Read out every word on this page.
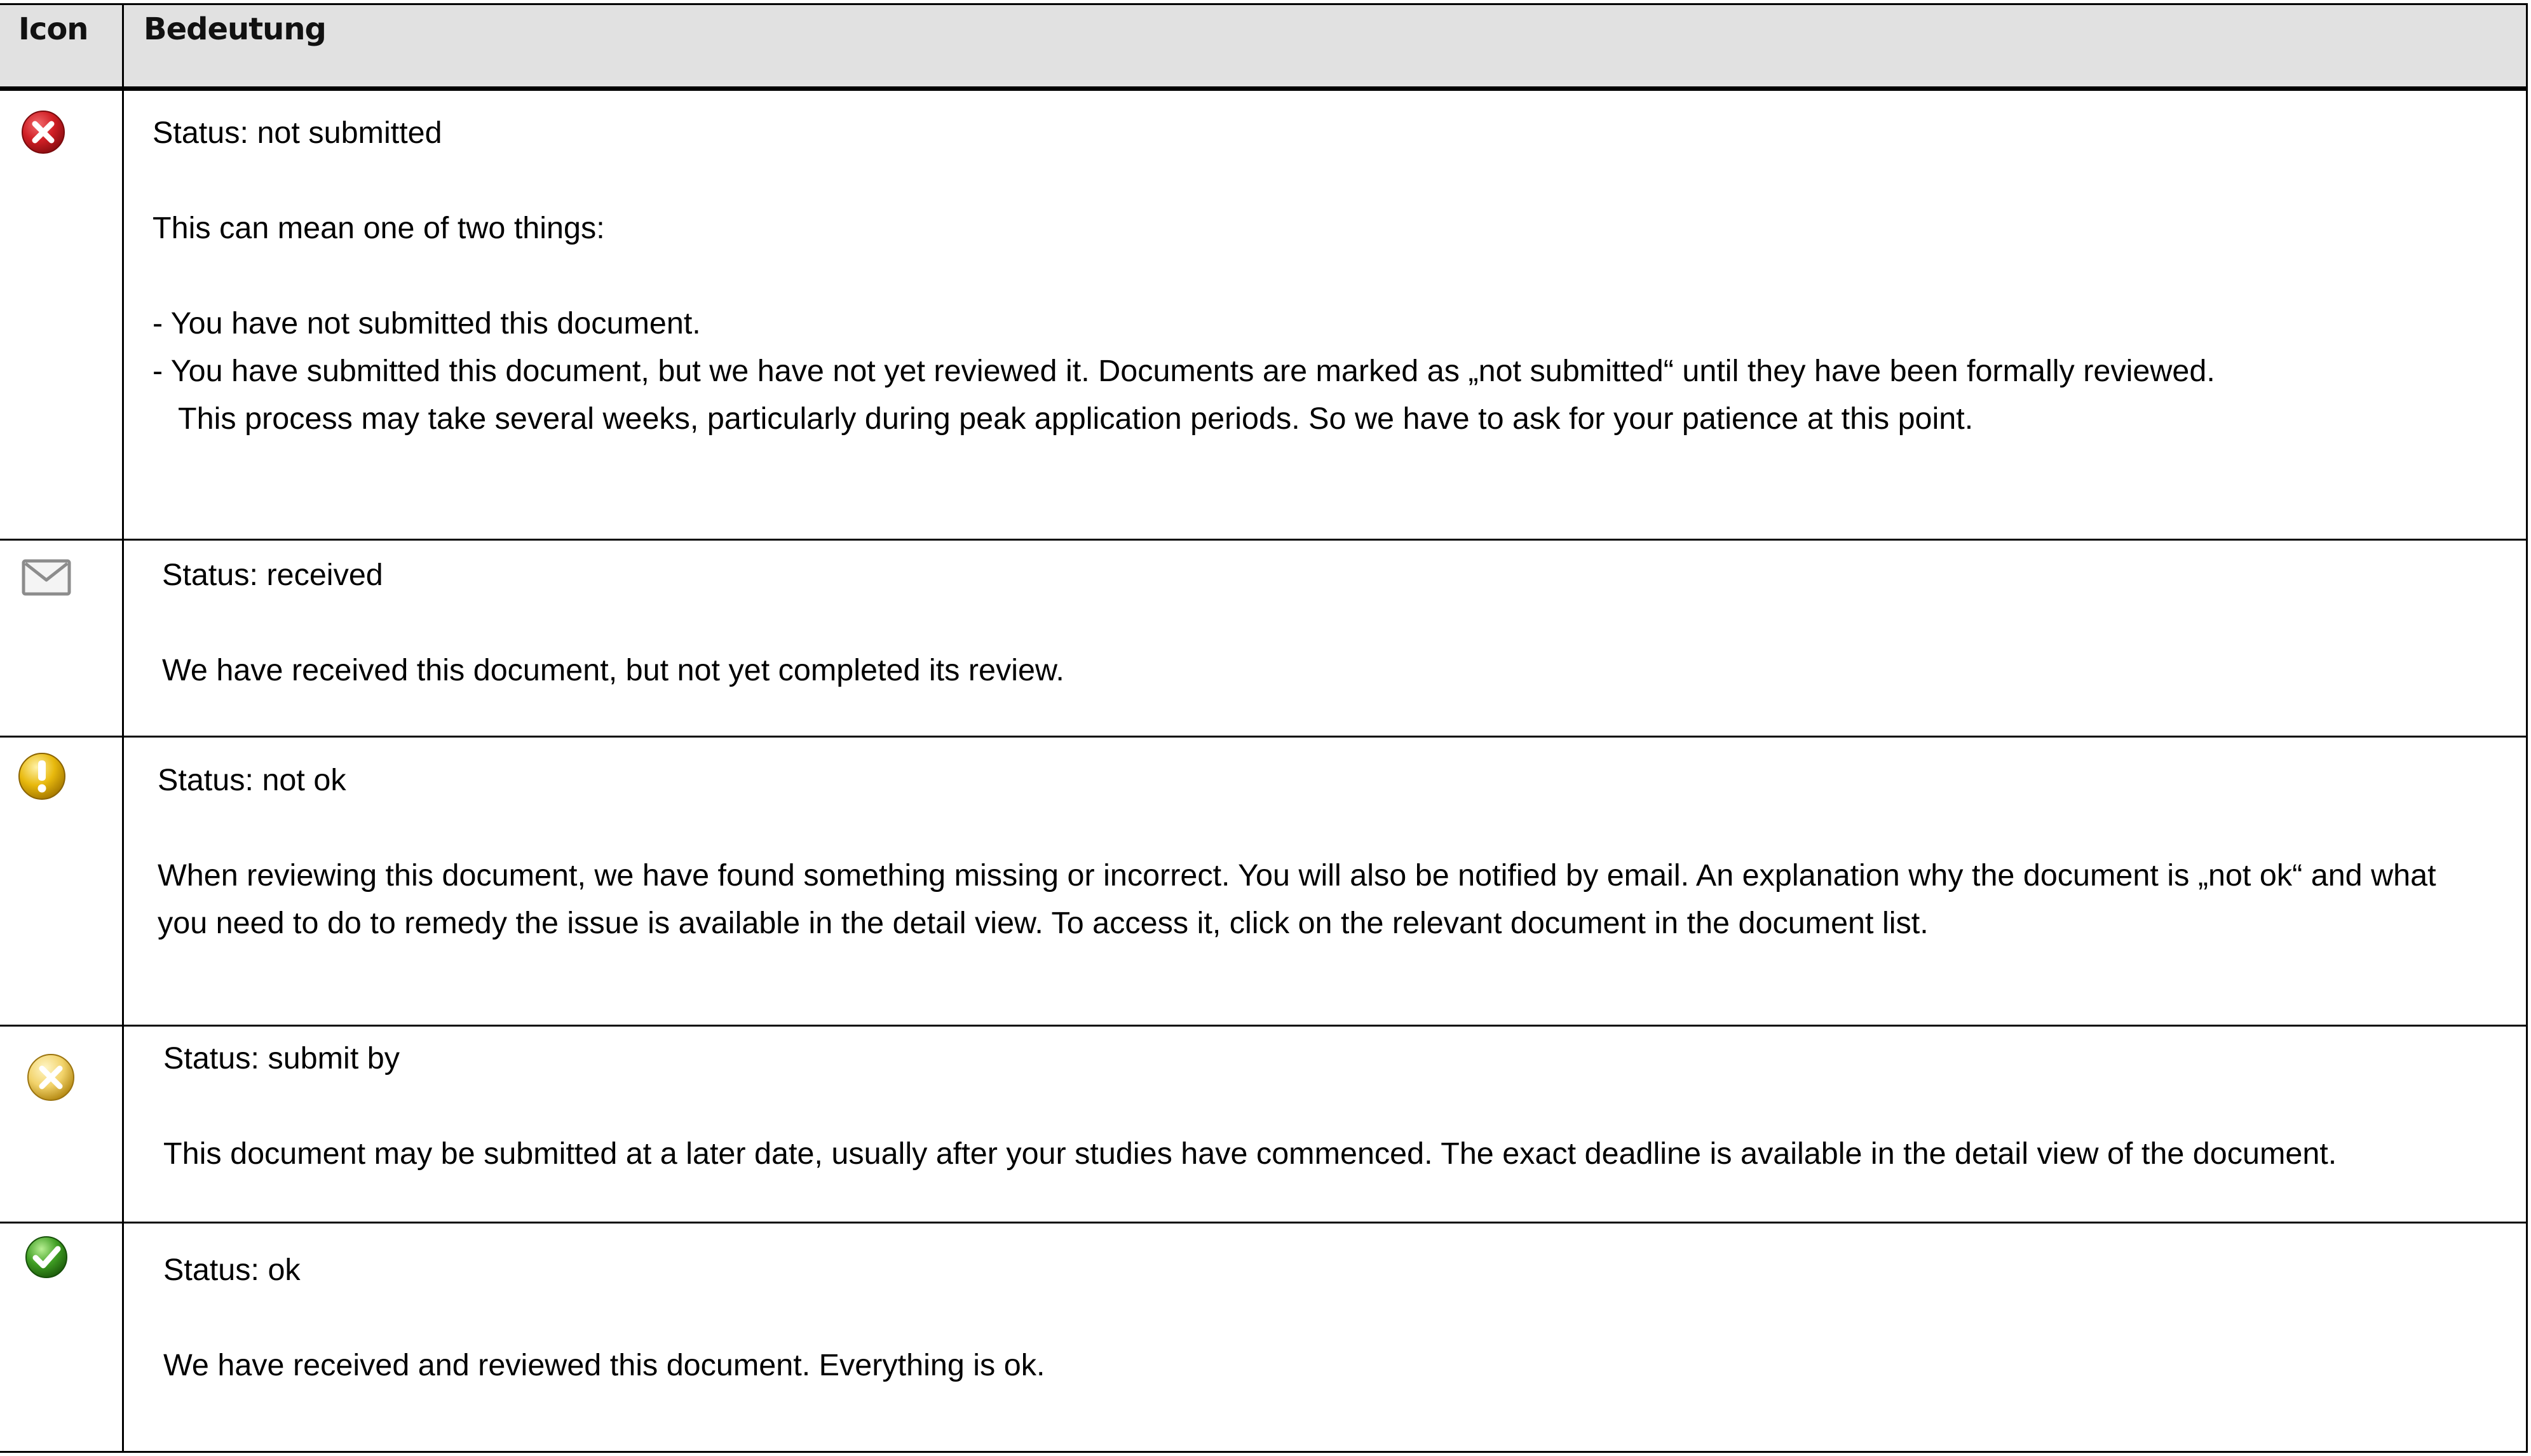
Icon Bedeutung

Status: not submitted

This can mean one of two things:

- You have not submitted this document.

- You have submitted this document, but we have not yet reviewed it. Documents are marked as „not submitted“ until they have been formally reviewed.

This process may take several weeks, particularly during peak application periods. So we have to ask for your patience at this point.

Status: received

We have received this document, but not yet completed its review.

Status: not ok

When reviewing this document, we have found something missing or incorrect. You will also be notified by email. An explanation why the document is „not ok“ and what you need to do to remedy the issue is available in the detail view. To access it, click on the relevant document in the document list.

Status: submit by

This document may be submitted at a later date, usually after your studies have commenced. The exact deadline is available in the detail view of the document.

Status: ok

We have received and reviewed this document. Everything is ok.
